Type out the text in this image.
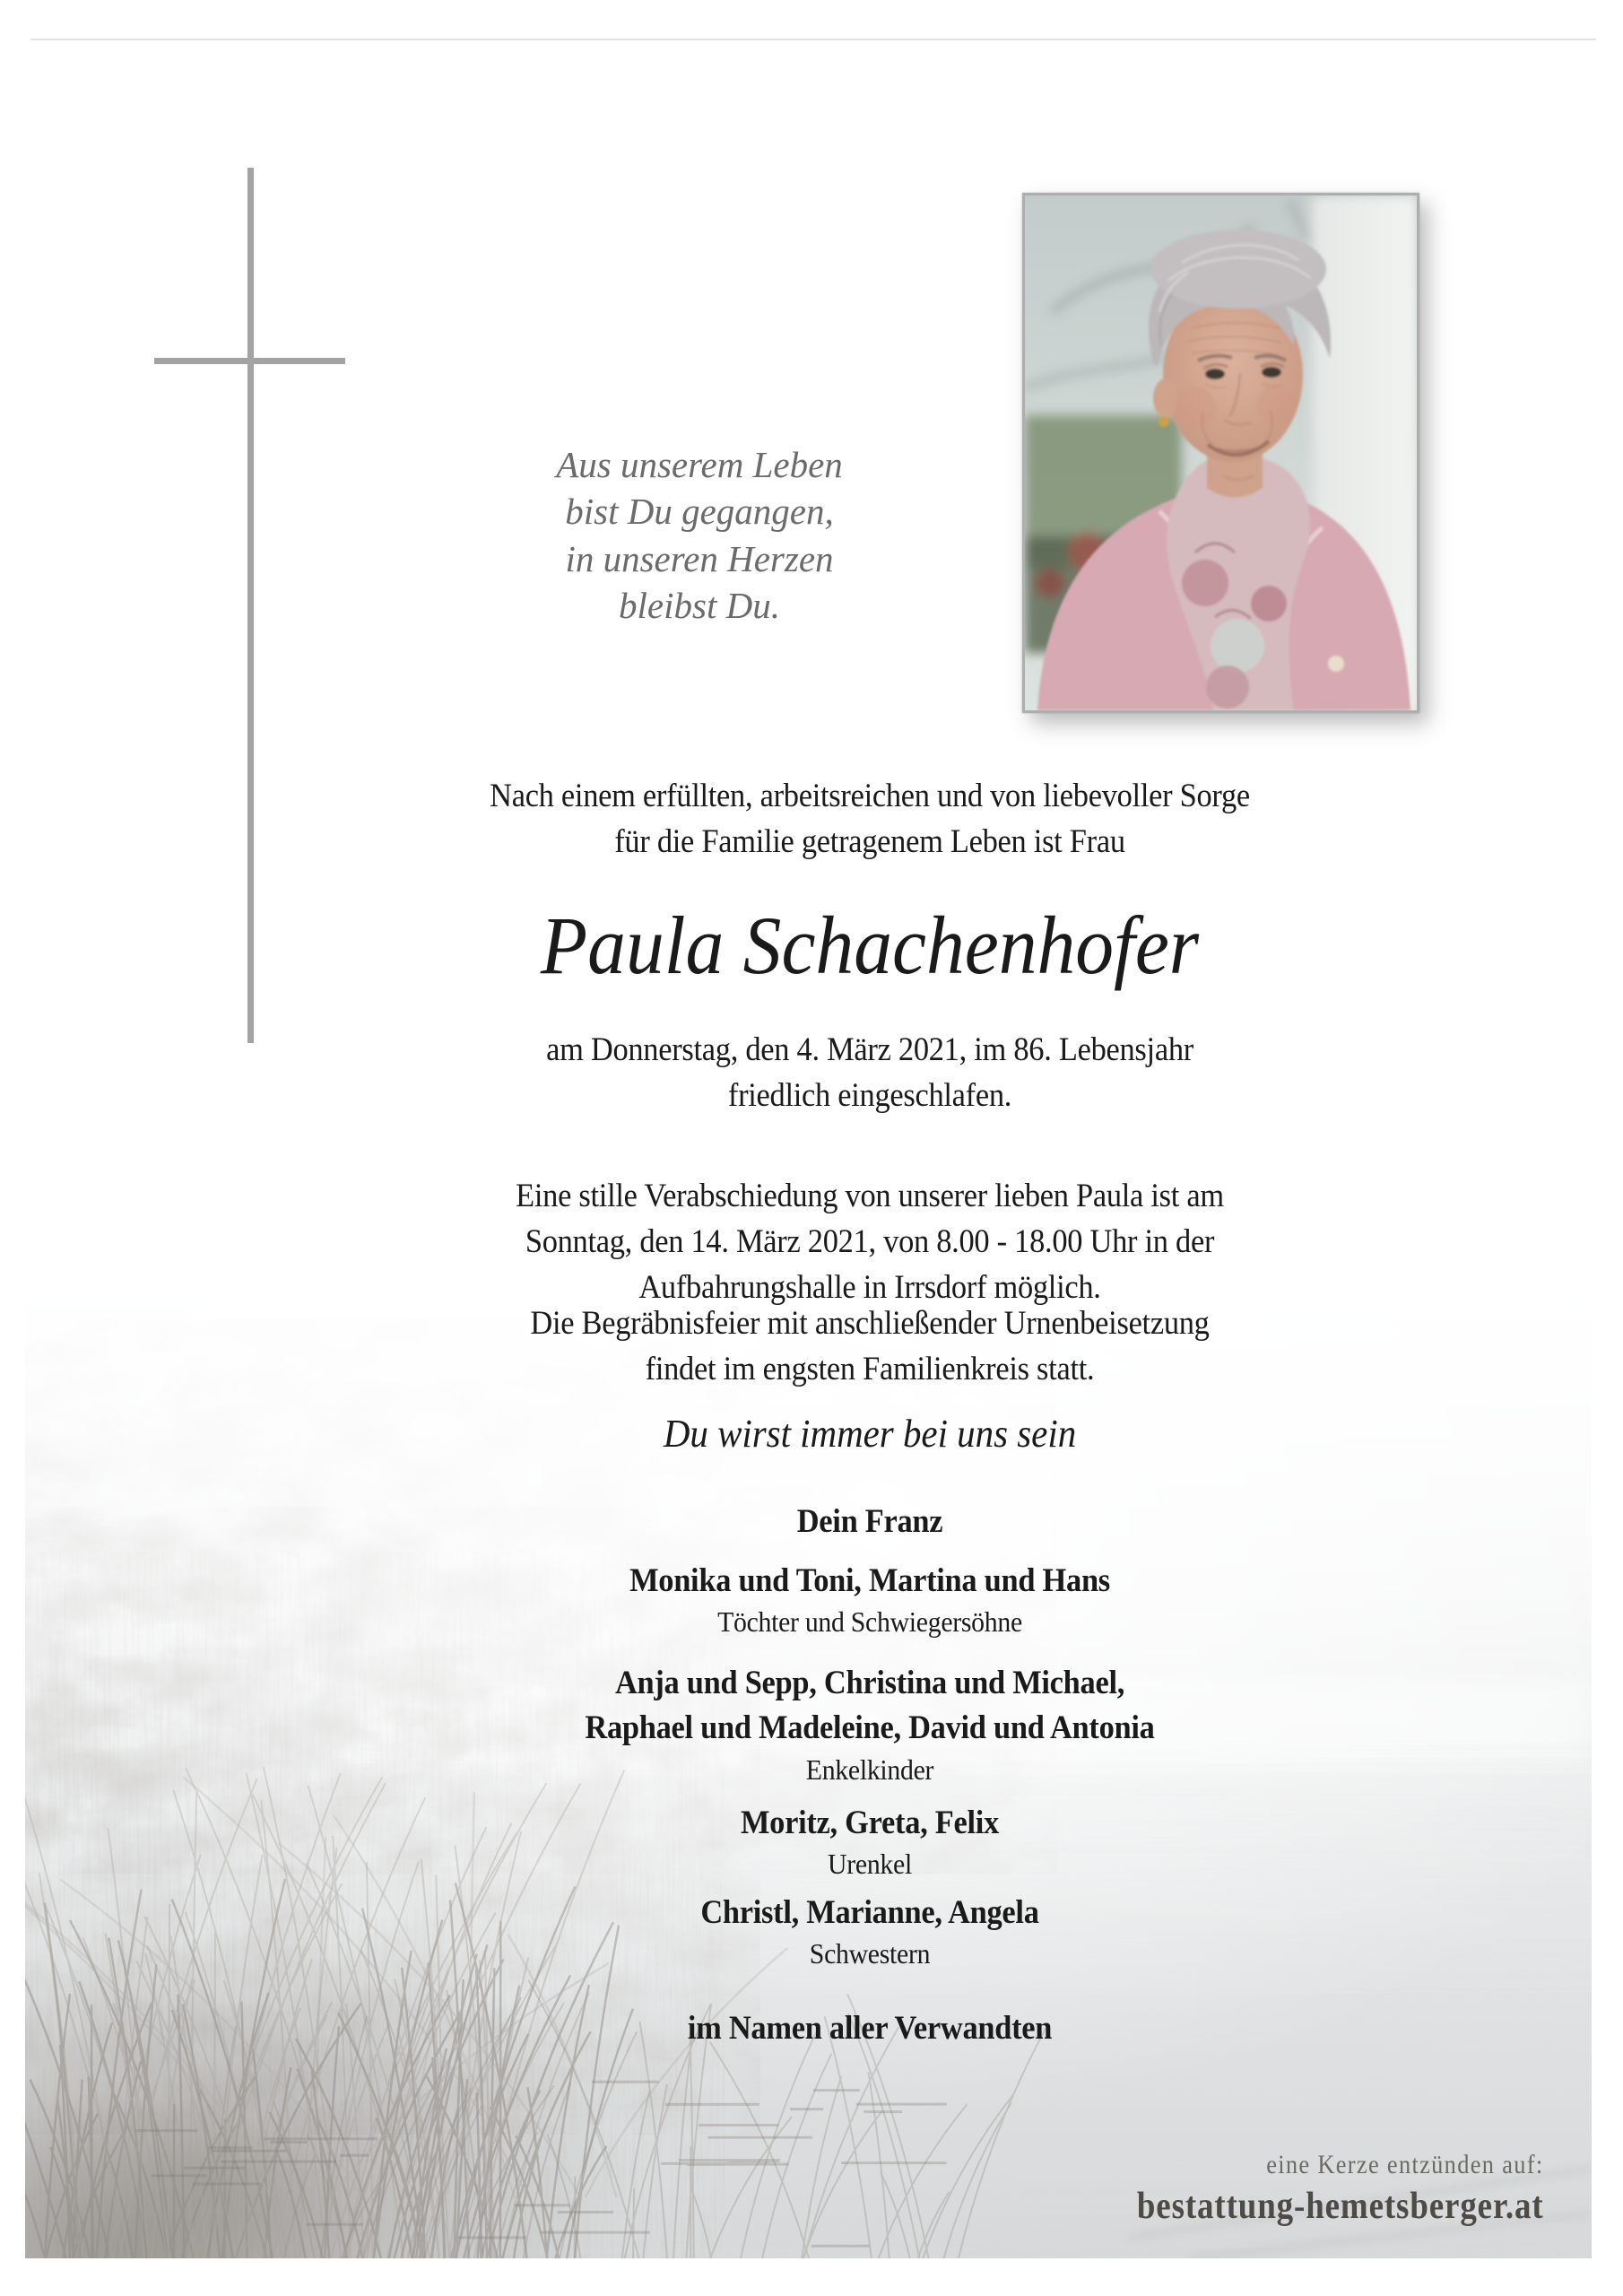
Aus unserem Leben
bist Du gegangen,
in unseren Herzen
bleibst Du.
Nach einem erfüllten, arbeitsreichen und von liebevoller Sorge
für die Familie getragenem Leben ist Frau
Paula Schachenhofer
am Donnerstag, den 4. März 2021, im 86. Lebensjahr
friedlich eingeschlafen.
Eine stille Verabschiedung von unserer lieben Paula ist am
Sonntag, den 14. März 2021, von 8.00 - 18.00 Uhr in der
Aufbahrungshalle in Irrsdorf möglich.
Die Begräbnisfeier mit anschließender Urnenbeisetzung
findet im engsten Familienkreis statt.
Du wirst immer bei uns sein
Dein Franz
Monika und Toni, Martina und Hans
Töchter und Schwiegersöhne
Anja und Sepp, Christina und Michael,
Raphael und Madeleine, David und Antonia
Enkelkinder
Moritz, Greta, Felix
Urenkel
Christl, Marianne, Angela
Schwestern
im Namen aller Verwandten
eine Kerze entzünden auf:
bestattung-hemetsberger.at
